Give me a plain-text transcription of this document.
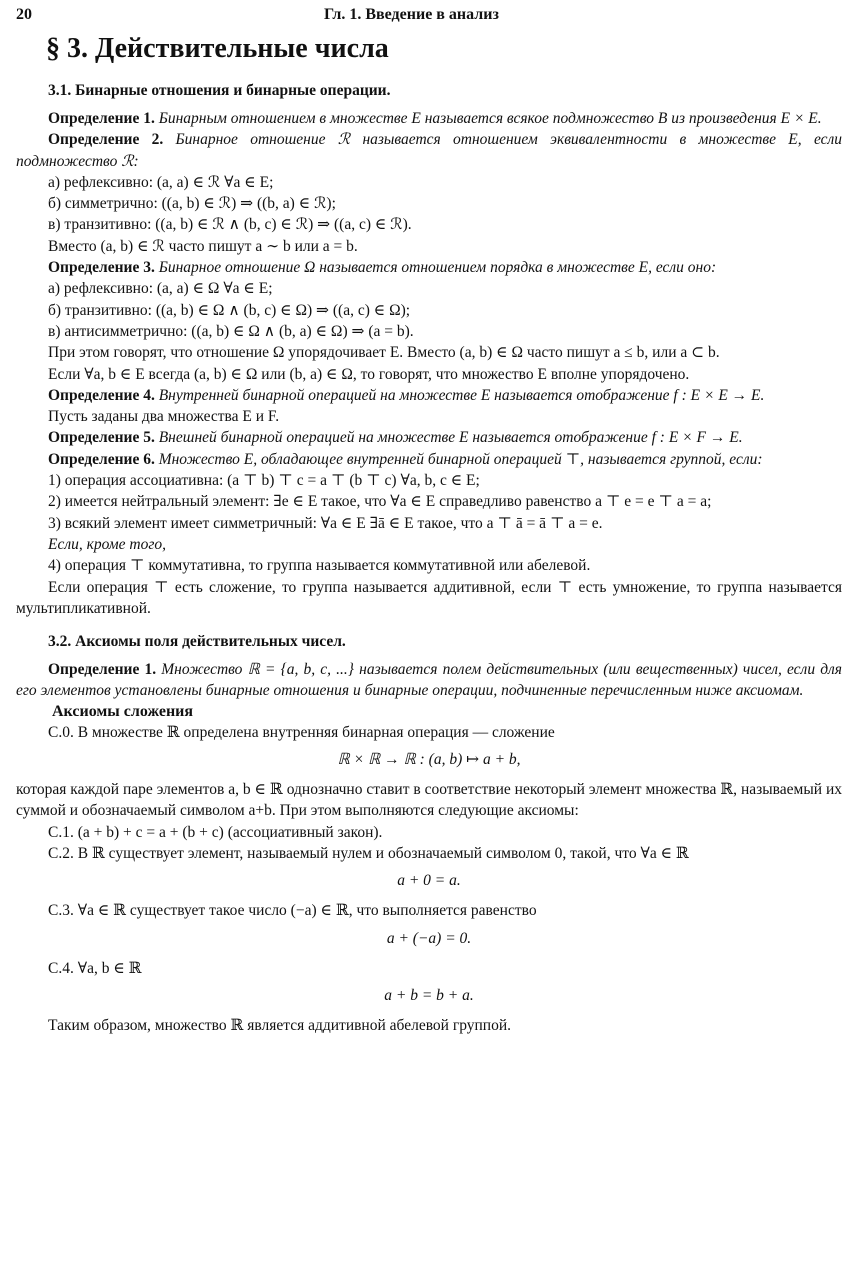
20	Гл. 1. Введение в анализ
§ 3. Действительные числа
3.1. Бинарные отношения и бинарные операции.

Определение 1. Бинарным отношением в множестве E называется всякое подмножество B из произведения E × E.

Определение 2. Бинарное отношение ℛ называется отношением эквивалентности в множестве E, если подмножество ℛ:

а) рефлексивно: (a, a) ∈ ℛ ∀a ∈ E;

б) симметрично: ((a, b) ∈ ℛ) ⇒ ((b, a) ∈ ℛ);

в) транзитивно: ((a, b) ∈ ℛ ∧ (b, c) ∈ ℛ) ⇒ ((a, c) ∈ ℛ).

Вместо (a, b) ∈ ℛ часто пишут a ∼ b или a = b.

Определение 3. Бинарное отношение Ω называется отношением порядка в множестве E, если оно:

а) рефлексивно: (a, a) ∈ Ω ∀a ∈ E;

б) транзитивно: ((a, b) ∈ Ω ∧ (b, c) ∈ Ω) ⇒ ((a, c) ∈ Ω);

в) антисимметрично: ((a, b) ∈ Ω ∧ (b, a) ∈ Ω) ⇒ (a = b).

При этом говорят, что отношение Ω упорядочивает E. Вместо (a, b) ∈ Ω часто пишут a ≤ b, или a ⊂ b.

Если ∀a, b ∈ E всегда (a, b) ∈ Ω или (b, a) ∈ Ω, то говорят, что множество E вполне упорядочено.

Определение 4. Внутренней бинарной операцией на множестве E называется отображение f : E × E → E.

Пусть заданы два множества E и F.

Определение 5. Внешней бинарной операцией на множестве E называется отображение f : E × F → E.

Определение 6. Множество E, обладающее внутренней бинарной операцией ⊤, называется группой, если:

1) операция ассоциативна: (a ⊤ b) ⊤ c = a ⊤ (b ⊤ c) ∀a, b, c ∈ E;

2) имеется нейтральный элемент: ∃e ∈ E такое, что ∀a ∈ E справедливо равенство a ⊤ e = e ⊤ a = a;

3) всякий элемент имеет симметричный: ∀a ∈ E ∃ā ∈ E такое, что a ⊤ ā = ā ⊤ a = e.

Если, кроме того,

4) операция ⊤ коммутативна, то группа называется коммутативной или абелевой.

Если операция ⊤ есть сложение, то группа называется аддитивной, если ⊤ есть умножение, то группа называется мультипликативной.

3.2. Аксиомы поля действительных чисел.

Определение 1. Множество ℝ = {a, b, c, ...} называется полем действительных (или вещественных) чисел, если для его элементов установлены бинарные отношения и бинарные операции, подчиненные перечисленным ниже аксиомам.

Аксиомы сложения

С.0. В множестве ℝ определена внутренняя бинарная операция — сложение

ℝ × ℝ → ℝ : (a, b) ↦ a + b,

которая каждой паре элементов a, b ∈ ℝ однозначно ставит в соответствие некоторый элемент множества ℝ, называемый их суммой и обозначаемый символом a+b. При этом выполняются следующие аксиомы:

С.1. (a + b) + c = a + (b + c) (ассоциативный закон).

С.2. В ℝ существует элемент, называемый нулем и обозначаемый символом 0, такой, что ∀a ∈ ℝ

a + 0 = a.

С.3. ∀a ∈ ℝ существует такое число (−a) ∈ ℝ, что выполняется равенство

a + (−a) = 0.

С.4. ∀a, b ∈ ℝ

a + b = b + a.

Таким образом, множество ℝ является аддитивной абелевой группой.
